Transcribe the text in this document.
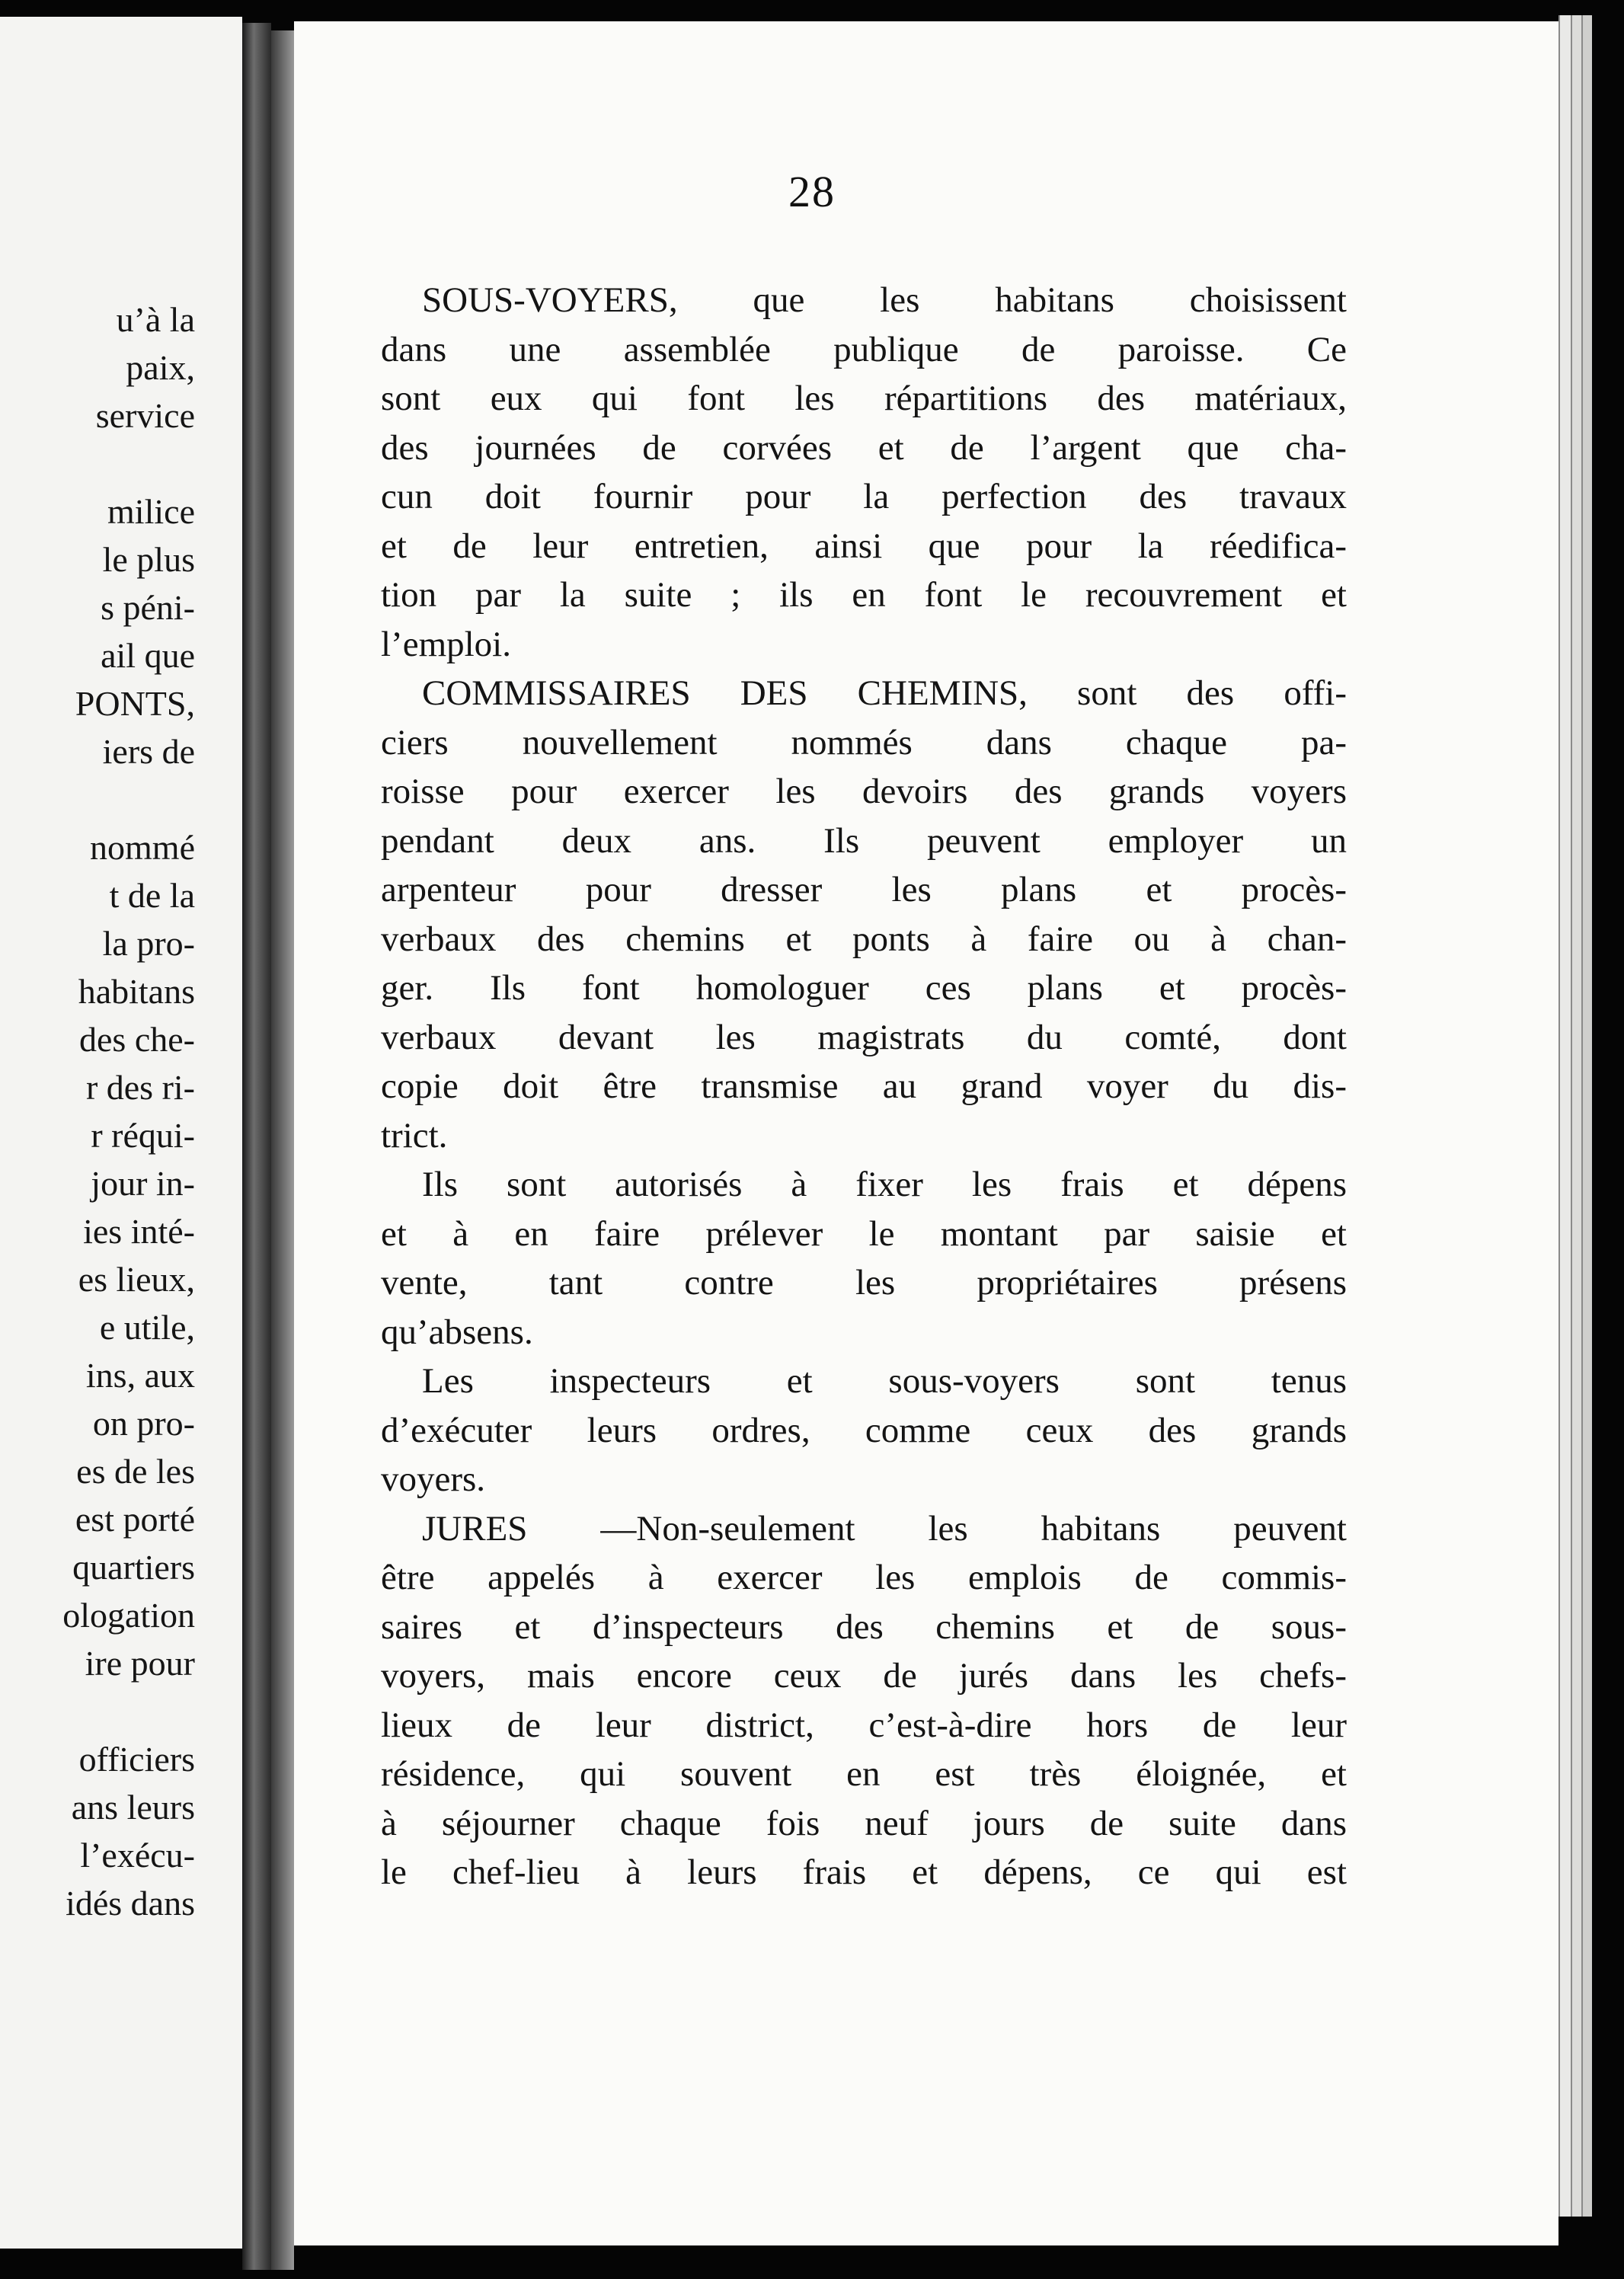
u’à la
paix,
service
milice
le plus
s péni-
ail que
PONTS,
iers de
nommé
t de la
la pro-
habitans
des che-
r des ri-
r réqui-
jour in-
ies inté-
es lieux,
e utile,
ins, aux
on pro-
es de les
est porté
quartiers
ologation
ire pour
officiers
ans leurs
l’exécu-
idés dans
28
SOUS-VOYERS, que les habitans choisissent
dans une assemblée publique de paroisse. Ce
sont eux qui font les répartitions des matériaux,
des journées de corvées et de l’argent que cha-
cun doit fournir pour la perfection des travaux
et de leur entretien, ainsi que pour la réedifica-
tion par la suite ; ils en font le recouvrement et
l’emploi.
COMMISSAIRES DES CHEMINS, sont des offi-
ciers nouvellement nommés dans chaque pa-
roisse pour exercer les devoirs des grands voyers
pendant deux ans. Ils peuvent employer un
arpenteur pour dresser les plans et procès-
verbaux des chemins et ponts à faire ou à chan-
ger. Ils font homologuer ces plans et procès-
verbaux devant les magistrats du comté, dont
copie doit être transmise au grand voyer du dis-
trict.
Ils sont autorisés à fixer les frais et dépens
et à en faire prélever le montant par saisie et
vente, tant contre les propriétaires présens
qu’absens.
Les inspecteurs et sous-voyers sont tenus
d’exécuter leurs ordres, comme ceux des grands
voyers.
JURES —Non-seulement les habitans peuvent
être appelés à exercer les emplois de commis-
saires et d’inspecteurs des chemins et de sous-
voyers, mais encore ceux de jurés dans les chefs-
lieux de leur district, c’est-à-dire hors de leur
résidence, qui souvent en est très éloignée, et
à séjourner chaque fois neuf jours de suite dans
le chef-lieu à leurs frais et dépens, ce qui est
